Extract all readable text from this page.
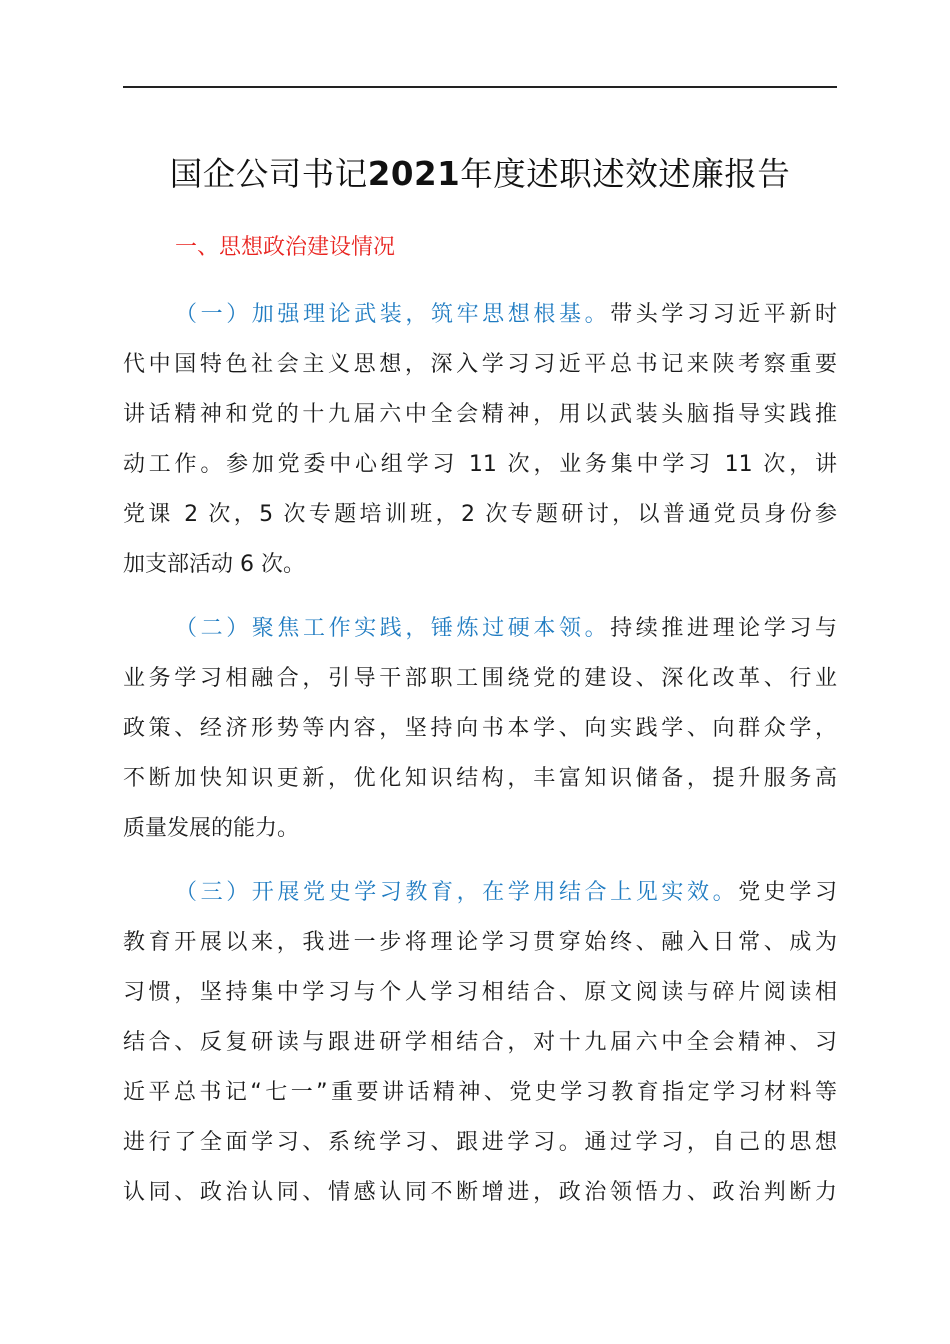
国企公司书记2021年度述职述效述廉报告
一、思想政治建设情况
（一）加强理论武装，筑牢思想根基。带头学习习近平新时
代中国特色社会主义思想，深入学习习近平总书记来陕考察重要
讲话精神和党的十九届六中全会精神，用以武装头脑指导实践推
动工作。参加党委中心组学习 11 次，业务集中学习 11 次，讲
党课 2 次，5 次专题培训班，2 次专题研讨，以普通党员身份参
加支部活动 6 次。
（二）聚焦工作实践，锤炼过硬本领。持续推进理论学习与
业务学习相融合，引导干部职工围绕党的建设、深化改革、行业
政策、经济形势等内容，坚持向书本学、向实践学、向群众学，
不断加快知识更新，优化知识结构，丰富知识储备，提升服务高
质量发展的能力。
（三）开展党史学习教育，在学用结合上见实效。党史学习
教育开展以来，我进一步将理论学习贯穿始终、融入日常、成为
习惯，坚持集中学习与个人学习相结合、原文阅读与碎片阅读相
结合、反复研读与跟进研学相结合，对十九届六中全会精神、习
近平总书记“七一”重要讲话精神、党史学习教育指定学习材料等
进行了全面学习、系统学习、跟进学习。通过学习，自己的思想
认同、政治认同、情感认同不断增进，政治领悟力、政治判断力
